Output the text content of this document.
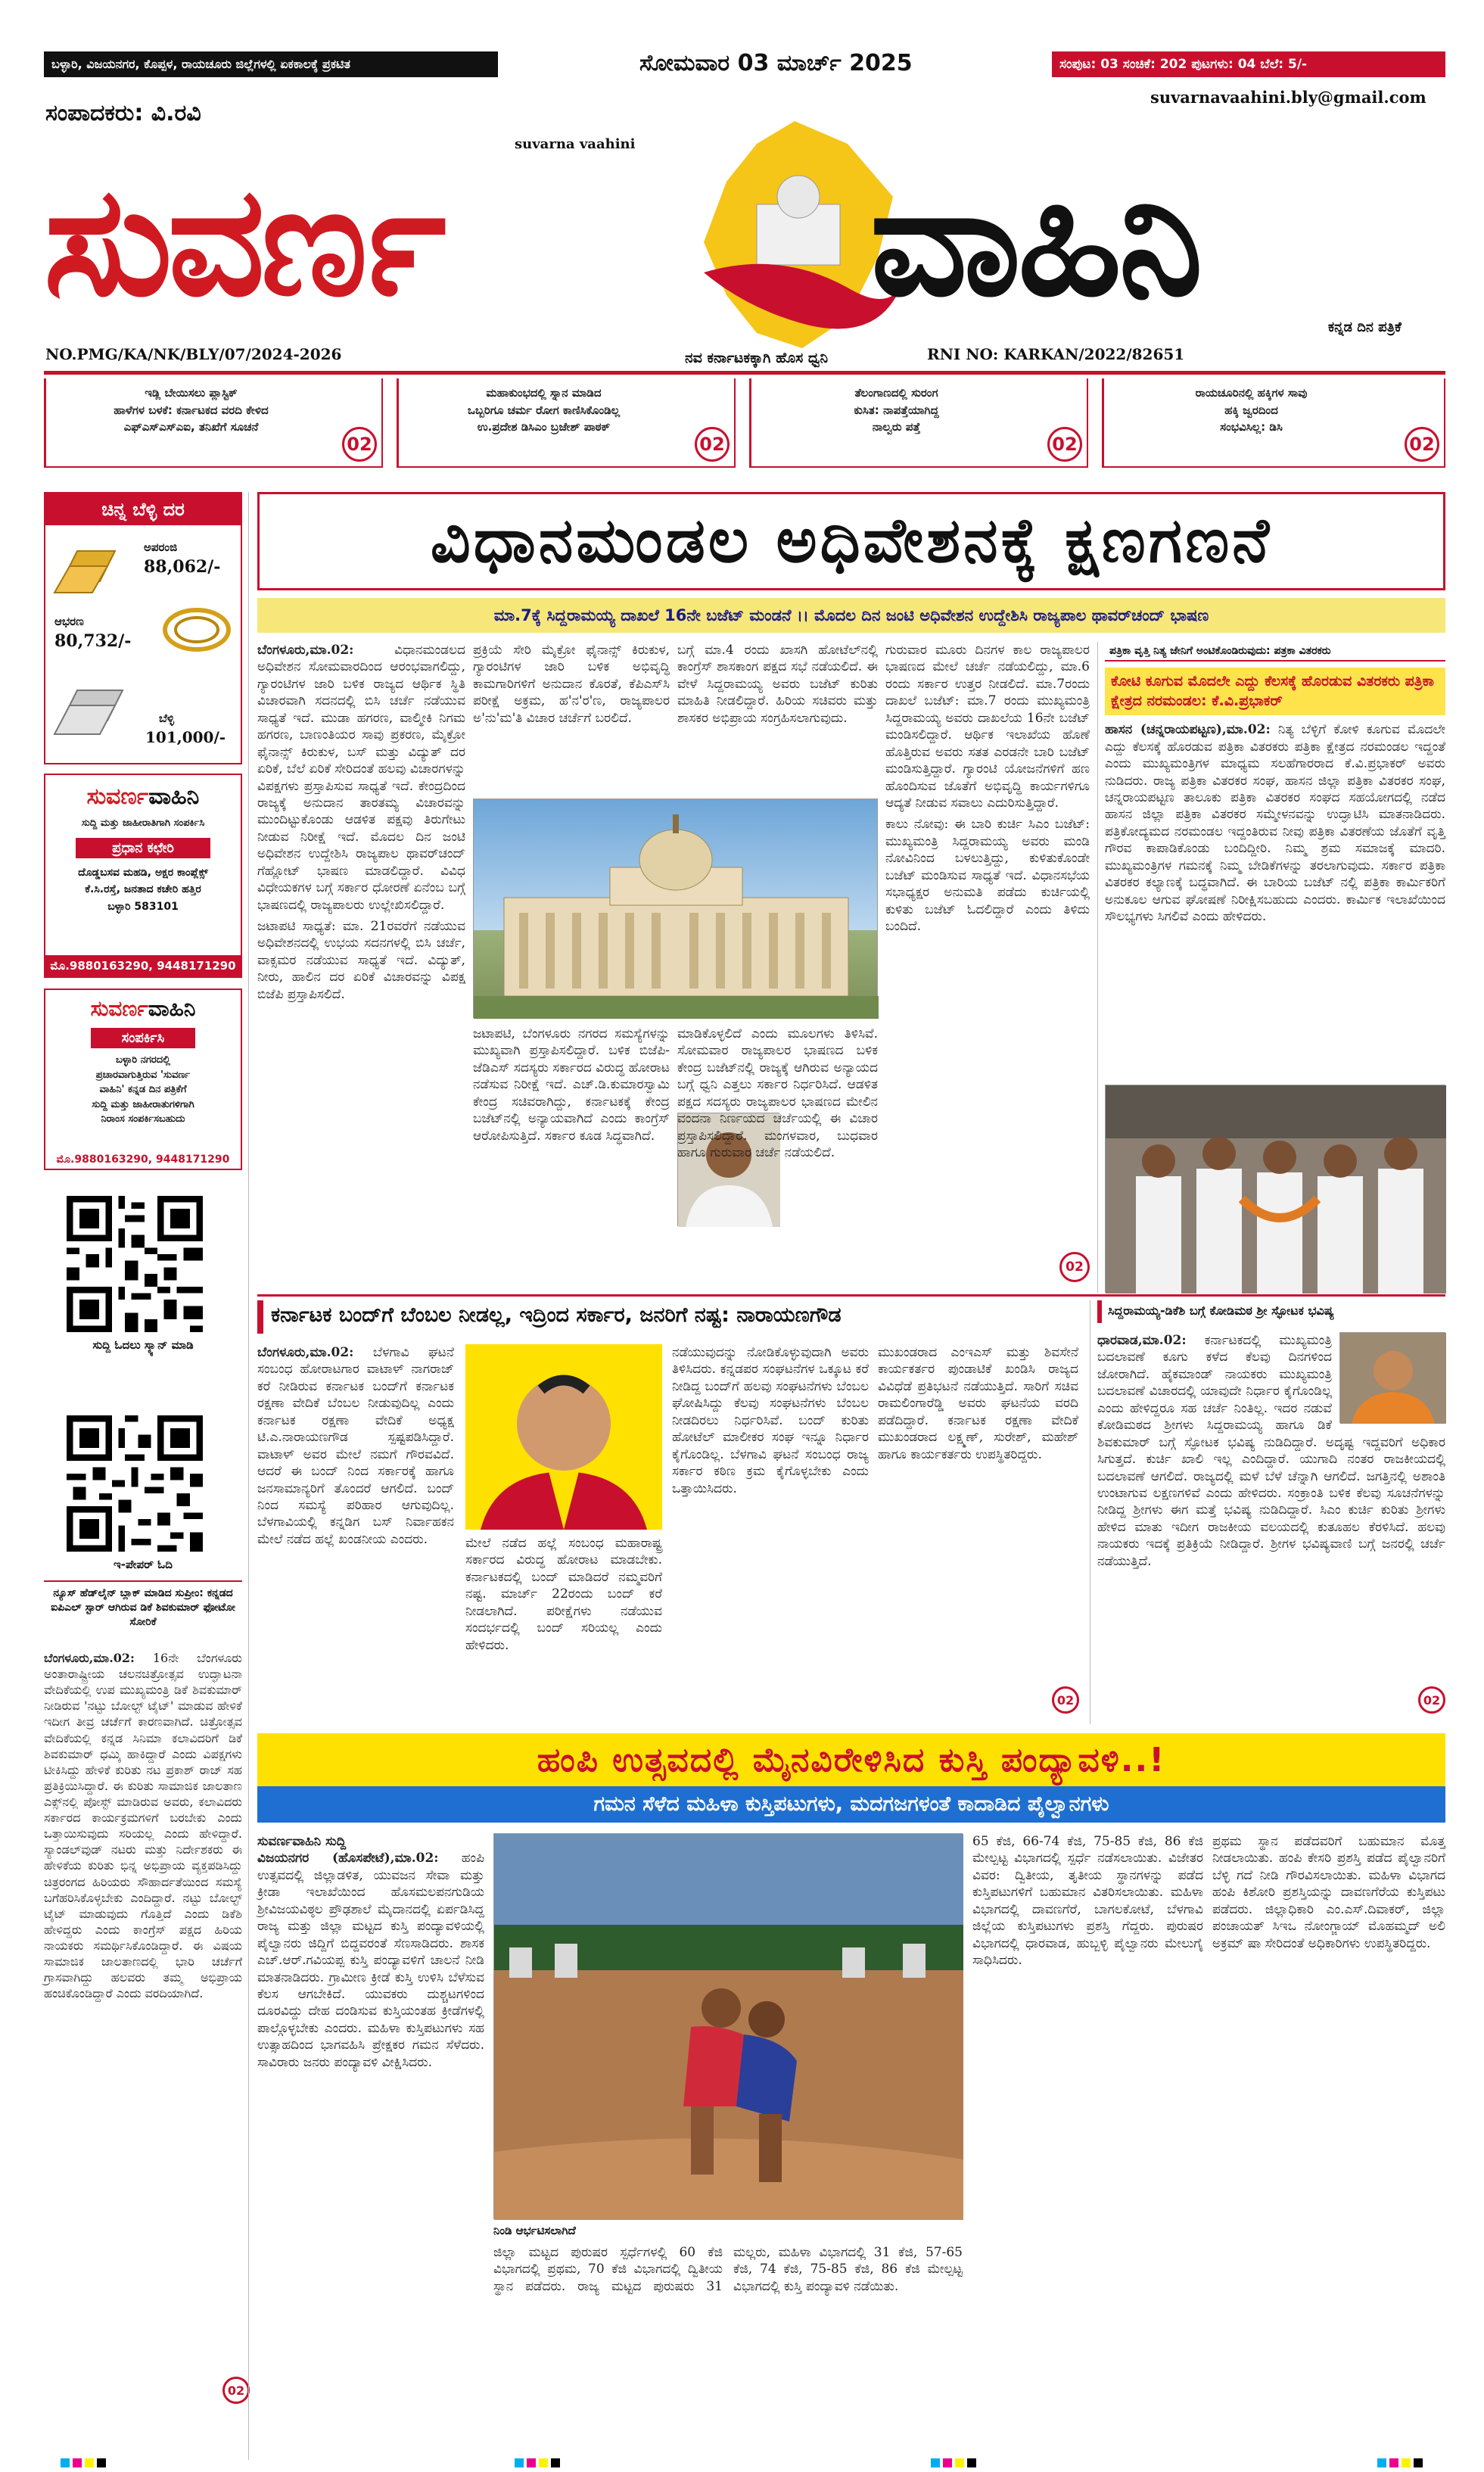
ಬಳ್ಳಾರಿ, ವಿಜಯನಗರ, ಕೊಪ್ಪಳ, ರಾಯಚೂರು ಜಿಲ್ಲೆಗಳಲ್ಲಿ ಏಕಕಾಲಕ್ಕೆ ಪ್ರಕಟಿತ	ಸೋಮವಾರ 03 ಮಾರ್ಚ್ 2025	ಸಂಪುಟ: 03 ಸಂಚಿಕೆ: 202 ಪುಟಗಳು: 04 ಬೆಲೆ: 5/-
ಸಂಪಾದಕರು: ವಿ.ರವಿ
suvarnavaahini.bly@gmail.com
suvarna vaahini
ಸುವರ್ಣ	ವಾಹಿನಿ	ಕನ್ನಡ ದಿನ ಪತ್ರಿಕೆ
NO.PMG/KA/NK/BLY/07/2024-2026	ನವ ಕರ್ನಾಟಕಕ್ಕಾಗಿ ಹೊಸ ಧ್ವನಿ	RNI NO: KARKAN/2022/82651
ಇಡ್ಲಿ ಬೇಯಿಸಲು ಪ್ಲಾಸ್ಟಿಕ್
ಹಾಳೆಗಳ ಬಳಕೆ: ಕರ್ನಾಟಕದ ವರದಿ ಕೇಳಿದ
ಎಫ್‌ಎಸ್‌ಎಸ್‌ಎಐ, ತನಿಖೆಗೆ ಸೂಚನೆ
02
ಮಹಾಕುಂಭದಲ್ಲಿ ಸ್ನಾನ ಮಾಡಿದ
ಒಬ್ಬರಿಗೂ ಚರ್ಮ ರೋಗ ಕಾಣಿಸಿಕೊಂಡಿಲ್ಲ
ಉ.ಪ್ರದೇಶ ಡಿಸಿಎಂ ಬ್ರಜೇಶ್ ಪಾಠಕ್
02
ತೆಲಂಗಾಣದಲ್ಲಿ ಸುರಂಗ
ಕುಸಿತ: ನಾಪತ್ತೆಯಾಗಿದ್ದ
ನಾಲ್ವರು ಪತ್ತೆ
02
ರಾಯಚೂರಿನಲ್ಲಿ ಹಕ್ಕಿಗಳ ಸಾವು
ಹಕ್ಕಿ ಜ್ವರದಿಂದ
ಸಂಭವಿಸಿಲ್ಲ: ಡಿಸಿ
02
ಚಿನ್ನ ಬೆಳ್ಳಿ ದರ
ಅಪರಂಜಿ
88,062/-
ಆಭರಣ
80,732/-
ಬೆಳ್ಳಿ
101,000/-
ಸುವರ್ಣ ವಾಹಿನಿ
ಸುದ್ದಿ ಮತ್ತು ಜಾಹೀರಾತಿಗಾಗಿ ಸಂಪರ್ಕಿಸಿ
ಪ್ರಧಾನ ಕಛೇರಿ
ದೊಡ್ಡಬಸವ ಮಹಡಿ, ಅಕ್ಷರ ಕಾಂಪ್ಲೆಕ್ಸ್
ಕೆ.ಸಿ.ರಸ್ತೆ, ಜನತಾದ ಕಚೇರಿ ಹತ್ತಿರ
ಬಳ್ಳಾರಿ 583101
ಮೊ.9880163290, 9448171290
ಸುವರ್ಣ ವಾಹಿನಿ
ಸಂಪರ್ಕಿಸಿ
ಬಳ್ಳಾರಿ ನಗರದಲ್ಲಿ
ಪ್ರಚಾರವಾಗುತ್ತಿರುವ 'ಸುವರ್ಣ
ವಾಹಿನಿ' ಕನ್ನಡ ದಿನ ಪತ್ರಿಕೆಗೆ
ಸುದ್ದಿ ಮತ್ತು ಜಾಹೀರಾತುಗಳಿಗಾಗಿ
ನಿರಾಂಸ ಸಂಪರ್ಕಿಸಬಹುದು
ಮೊ.9880163290, 9448171290
ಸುದ್ದಿ ಓದಲು ಸ್ಕ್ಯಾನ್ ಮಾಡಿ
ಇ-ಪೇಪರ್ ಓದಿ
ನ್ಯೂಸ್ ಹೆಡ್‌ಲೈನ್ ಬ್ಲಾಕ್ ಮಾಡಿದ ಸುಪ್ರೀಂ: ಕನ್ನಡದ ಐಪಿಎಲ್ ಸ್ಟಾರ್ ಆಗಿರುವ ಡಿಕೆ ಶಿವಕುಮಾರ್ ಫೋಟೋ ಸೋರಿಕೆ
ಬೆಂಗಳೂರು,ಮಾ.02: 16ನೇ ಬೆಂಗಳೂರು ಅಂತಾರಾಷ್ಟ್ರೀಯ ಚಲನಚಿತ್ರೋತ್ಸವ ಉದ್ಘಾಟನಾ ವೇದಿಕೆಯಲ್ಲಿ ಉಪ ಮುಖ್ಯಮಂತ್ರಿ ಡಿಕೆ ಶಿವಕುಮಾರ್ ನೀಡಿರುವ 'ನಟ್ಟು ಬೋಲ್ಟ್ ಟೈಟ್' ಮಾಡುವ ಹೇಳಿಕೆ ಇದೀಗ ತೀವ್ರ ಚರ್ಚೆಗೆ ಕಾರಣವಾಗಿದೆ. ಚಿತ್ರೋತ್ಸವ ವೇದಿಕೆಯಲ್ಲಿ ಕನ್ನಡ ಸಿನಿಮಾ ಕಲಾವಿದರಿಗೆ ಡಿಕೆ ಶಿವಕುಮಾರ್ ಧಮ್ಕಿ ಹಾಕಿದ್ದಾರೆ ಎಂದು ವಿಪಕ್ಷಗಳು ಟೀಕಿಸಿದ್ದು ಹೇಳಿಕೆ ಕುರಿತು ನಟ ಪ್ರಕಾಶ್ ರಾಜ್ ಸಹ ಪ್ರತಿಕ್ರಿಯಿಸಿದ್ದಾರೆ. ಈ ಕುರಿತು ಸಾಮಾಜಿಕ ಜಾಲತಾಣ ಎಕ್ಸ್‌ನಲ್ಲಿ ಪೋಸ್ಟ್ ಮಾಡಿರುವ ಅವರು, ಕಲಾವಿದರು ಸರ್ಕಾರದ ಕಾರ್ಯಕ್ರಮಗಳಿಗೆ ಬರಬೇಕು ಎಂದು ಒತ್ತಾಯಿಸುವುದು ಸರಿಯಲ್ಲ ಎಂದು ಹೇಳಿದ್ದಾರೆ. ಸ್ಯಾಂಡಲ್‌ವುಡ್ ನಟರು ಮತ್ತು ನಿರ್ದೇಶಕರು ಈ ಹೇಳಿಕೆಯ ಕುರಿತು ಭಿನ್ನ ಅಭಿಪ್ರಾಯ ವ್ಯಕ್ತಪಡಿಸಿದ್ದು ಚಿತ್ರರಂಗದ ಹಿರಿಯರು ಸೌಹಾರ್ದತೆಯಿಂದ ಸಮಸ್ಯೆ ಬಗೆಹರಿಸಿಕೊಳ್ಳಬೇಕು ಎಂದಿದ್ದಾರೆ. ನಟ್ಟು ಬೋಲ್ಟ್ ಟೈಟ್ ಮಾಡುವುದು ಗೊತ್ತಿದೆ ಎಂದು ಡಿಕೆಶಿ ಹೇಳಿದ್ದರು ಎಂದು ಕಾಂಗ್ರೆಸ್ ಪಕ್ಷದ ಹಿರಿಯ ನಾಯಕರು ಸಮರ್ಥಿಸಿಕೊಂಡಿದ್ದಾರೆ. ಈ ವಿಷಯ ಸಾಮಾಜಿಕ ಜಾಲತಾಣದಲ್ಲಿ ಭಾರಿ ಚರ್ಚೆಗೆ ಗ್ರಾಸವಾಗಿದ್ದು ಹಲವರು ತಮ್ಮ ಅಭಿಪ್ರಾಯ ಹಂಚಿಕೊಂಡಿದ್ದಾರೆ ಎಂದು ವರದಿಯಾಗಿದೆ.
02
ವಿಧಾನಮಂಡಲ ಅಧಿವೇಶನಕ್ಕೆ ಕ್ಷಣಗಣನೆ
ಮಾ.7ಕ್ಕೆ ಸಿದ್ದರಾಮಯ್ಯ ದಾಖಲೆ 16ನೇ ಬಜೆಟ್ ಮಂಡನೆ ।। ಮೊದಲ ದಿನ ಜಂಟಿ ಅಧಿವೇಶನ ಉದ್ದೇಶಿಸಿ ರಾಜ್ಯಪಾಲ ಥಾವರ್‌ಚಂದ್ ಭಾಷಣ
ಬೆಂಗಳೂರು,ಮಾ.02:	ವಿಧಾನಮಂಡಲದ ಅಧಿವೇಶನ ಸೋಮವಾರದಿಂದ ಆರಂಭವಾಗಲಿದ್ದು, ಗ್ಯಾರಂಟಿಗಳ ಜಾರಿ ಬಳಿಕ ರಾಜ್ಯದ ಆರ್ಥಿಕ ಸ್ಥಿತಿ ವಿಚಾರವಾಗಿ ಸದನದಲ್ಲಿ ಬಿಸಿ ಚರ್ಚೆ ನಡೆಯುವ ಸಾಧ್ಯತೆ ಇದೆ. ಮುಡಾ ಹಗರಣ, ವಾಲ್ಮೀಕಿ ನಿಗಮ ಹಗರಣ, ಬಾಣಂತಿಯರ ಸಾವು ಪ್ರಕರಣ, ಮೈಕ್ರೋ ಫೈನಾನ್ಸ್ ಕಿರುಕುಳ, ಬಸ್ ಮತ್ತು ವಿದ್ಯುತ್ ದರ ಏರಿಕೆ, ಬೆಲೆ ಏರಿಕೆ ಸೇರಿದಂತೆ ಹಲವು ವಿಚಾರಗಳನ್ನು ವಿಪಕ್ಷಗಳು ಪ್ರಸ್ತಾಪಿಸುವ ಸಾಧ್ಯತೆ ಇದೆ. ಕೇಂದ್ರದಿಂದ ರಾಜ್ಯಕ್ಕೆ ಅನುದಾನ ತಾರತಮ್ಯ ವಿಚಾರವನ್ನು ಮುಂದಿಟ್ಟುಕೊಂಡು ಆಡಳಿತ ಪಕ್ಷವು ತಿರುಗೇಟು ನೀಡುವ ನಿರೀಕ್ಷೆ ಇದೆ. ಮೊದಲ ದಿನ ಜಂಟಿ ಅಧಿವೇಶನ ಉದ್ದೇಶಿಸಿ ರಾಜ್ಯಪಾಲ ಥಾವರ್‌ಚಂದ್ ಗೆಹ್ಲೋಟ್ ಭಾಷಣ ಮಾಡಲಿದ್ದಾರೆ. ವಿವಿಧ ವಿಧೇಯಕಗಳ ಬಗ್ಗೆ ಸರ್ಕಾರ ಧೋರಣೆ ಏನೆಂಬ ಬಗ್ಗೆ ಭಾಷಣದಲ್ಲಿ ರಾಜ್ಯಪಾಲರು ಉಲ್ಲೇಖಿಸಲಿದ್ದಾರೆ.
ಜಟಾಪಟಿ ಸಾಧ್ಯತೆ: ಮಾ. 21ರವರೆಗೆ ನಡೆಯುವ ಅಧಿವೇಶನದಲ್ಲಿ ಉಭಯ ಸದನಗಳಲ್ಲಿ ಬಿಸಿ ಚರ್ಚೆ, ವಾಕ್ಸಮರ ನಡೆಯುವ ಸಾಧ್ಯತೆ ಇದೆ. ವಿದ್ಯುತ್, ನೀರು, ಹಾಲಿನ ದರ ಏರಿಕೆ ವಿಚಾರವನ್ನು ವಿಪಕ್ಷ ಬಿಜೆಪಿ ಪ್ರಸ್ತಾಪಿಸಲಿದೆ.
ಪ್ರಕ್ರಿಯೆ ಸೇರಿ ಮೈಕ್ರೋ ಫೈನಾನ್ಸ್ ಕಿರುಕುಳ, ಗ್ಯಾರಂಟಿಗಳ ಜಾರಿ ಬಳಿಕ ಅಭಿವೃದ್ಧಿ ಕಾಮಗಾರಿಗಳಿಗೆ ಅನುದಾನ ಕೊರತೆ, ಕೆಪಿಎಸ್‌ಸಿ ಪರೀಕ್ಷೆ ಅಕ್ರಮ, ಹ'ನ'ರ'ಣ, ರಾಜ್ಯಪಾಲರ ಅ'ನು'ಮ'ತಿ ವಿಚಾರ ಚರ್ಚೆಗೆ ಬರಲಿದೆ.
ಬಗ್ಗೆ ಮಾ.4 ರಂದು ಖಾಸಗಿ ಹೋಟೆಲ್‌ನಲ್ಲಿ ಕಾಂಗ್ರೆಸ್ ಶಾಸಕಾಂಗ ಪಕ್ಷದ ಸಭೆ ನಡೆಯಲಿದೆ. ಈ ವೇಳೆ ಸಿದ್ದರಾಮಯ್ಯ ಅವರು ಬಜೆಟ್ ಕುರಿತು ಮಾಹಿತಿ ನೀಡಲಿದ್ದಾರೆ. ಹಿರಿಯ ಸಚಿವರು ಮತ್ತು ಶಾಸಕರ ಅಭಿಪ್ರಾಯ ಸಂಗ್ರಹಿಸಲಾಗುವುದು.
ಜಟಾಪಟಿ, ಬೆಂಗಳೂರು ನಗರದ ಸಮಸ್ಯೆಗಳನ್ನು ಮುಖ್ಯವಾಗಿ ಪ್ರಸ್ತಾಪಿಸಲಿದ್ದಾರೆ. ಬಳಿಕ ಬಿಜೆಪಿ-ಜೆಡಿಎಸ್ ಸದಸ್ಯರು ಸರ್ಕಾರದ ವಿರುದ್ಧ ಹೋರಾಟ ನಡೆಸುವ ನಿರೀಕ್ಷೆ ಇದೆ. ಎಚ್.ಡಿ.ಕುಮಾರಸ್ವಾಮಿ ಕೇಂದ್ರ ಸಚಿವರಾಗಿದ್ದು, ಕರ್ನಾಟಕಕ್ಕೆ ಕೇಂದ್ರ ಬಜೆಟ್‌ನಲ್ಲಿ ಅನ್ಯಾಯವಾಗಿದೆ ಎಂದು ಕಾಂಗ್ರೆಸ್ ಆರೋಪಿಸುತ್ತಿದೆ. ಸರ್ಕಾರ ಕೂಡ ಸಿದ್ಧವಾಗಿದೆ.
ಮಾಡಿಕೊಳ್ಳಲಿದೆ ಎಂದು ಮೂಲಗಳು ತಿಳಿಸಿವೆ. ಸೋಮವಾರ ರಾಜ್ಯಪಾಲರ ಭಾಷಣದ ಬಳಿಕ ಕೇಂದ್ರ ಬಜೆಟ್‌ನಲ್ಲಿ ರಾಜ್ಯಕ್ಕೆ ಆಗಿರುವ ಅನ್ಯಾಯದ ಬಗ್ಗೆ ಧ್ವನಿ ಎತ್ತಲು ಸರ್ಕಾರ ನಿರ್ಧರಿಸಿದೆ. ಆಡಳಿತ ಪಕ್ಷದ ಸದಸ್ಯರು ರಾಜ್ಯಪಾಲರ ಭಾಷಣದ ಮೇಲಿನ ವಂದನಾ ನಿರ್ಣಯದ ಚರ್ಚೆಯಲ್ಲಿ ಈ ವಿಚಾರ ಪ್ರಸ್ತಾಪಿಸಲಿದ್ದಾರೆ. ಮಂಗಳವಾರ, ಬುಧವಾರ ಹಾಗೂ ಗುರುವಾರ ಚರ್ಚೆ ನಡೆಯಲಿದೆ.
ಗುರುವಾರ ಮೂರು ದಿನಗಳ ಕಾಲ ರಾಜ್ಯಪಾಲರ ಭಾಷಣದ ಮೇಲೆ ಚರ್ಚೆ ನಡೆಯಲಿದ್ದು, ಮಾ.6 ರಂದು ಸರ್ಕಾರ ಉತ್ತರ ನೀಡಲಿದೆ. ಮಾ.7ರಂದು ದಾಖಲೆ ಬಜೆಟ್: ಮಾ.7 ರಂದು ಮುಖ್ಯಮಂತ್ರಿ ಸಿದ್ದರಾಮಯ್ಯ ಅವರು ದಾಖಲೆಯ 16ನೇ ಬಜೆಟ್ ಮಂಡಿಸಲಿದ್ದಾರೆ. ಆರ್ಥಿಕ ಇಲಾಖೆಯ ಹೊಣೆ ಹೊತ್ತಿರುವ ಅವರು ಸತತ ಎರಡನೇ ಬಾರಿ ಬಜೆಟ್ ಮಂಡಿಸುತ್ತಿದ್ದಾರೆ. ಗ್ಯಾರಂಟಿ ಯೋಜನೆಗಳಿಗೆ ಹಣ ಹೊಂದಿಸುವ ಜೊತೆಗೆ ಅಭಿವೃದ್ಧಿ ಕಾರ್ಯಗಳಿಗೂ ಆದ್ಯತೆ ನೀಡುವ ಸವಾಲು ಎದುರಿಸುತ್ತಿದ್ದಾರೆ.
ಕಾಲು ನೋವು: ಈ ಬಾರಿ ಕುರ್ಚಿ ಸಿಎಂ ಬಜೆಟ್: ಮುಖ್ಯಮಂತ್ರಿ ಸಿದ್ದರಾಮಯ್ಯ ಅವರು ಮಂಡಿ ನೋವಿನಿಂದ ಬಳಲುತ್ತಿದ್ದು, ಕುಳಿತುಕೊಂಡೇ ಬಜೆಟ್ ಮಂಡಿಸುವ ಸಾಧ್ಯತೆ ಇದೆ. ವಿಧಾನಸಭೆಯ ಸಭಾಧ್ಯಕ್ಷರ ಅನುಮತಿ ಪಡೆದು ಕುರ್ಚಿಯಲ್ಲಿ ಕುಳಿತು ಬಜೆಟ್ ಓದಲಿದ್ದಾರೆ ಎಂದು ತಿಳಿದು ಬಂದಿದೆ.
02
ಪತ್ರಿಕಾ ವೃತ್ತಿ ನಿತ್ಯ ಜೇನಿಗೆ ಅಂಟಿಕೊಂಡಿರುವುದು: ಪತ್ರಕಾ ವಿತರಕರು
ಕೋಟಿ ಕೂಗುವ ಮೊದಲೇ ಎದ್ದು ಕೆಲಸಕ್ಕೆ ಹೊರಡುವ ವಿತರಕರು ಪತ್ರಿಕಾ ಕ್ಷೇತ್ರದ ನರಮಂಡಲ: ಕೆ.ವಿ.ಪ್ರಭಾಕರ್
ಹಾಸನ (ಚನ್ನರಾಯಪಟ್ಟಣ),ಮಾ.02: ನಿತ್ಯ ಬೆಳ್ಳಿಗೆ ಕೋಳಿ ಕೂಗುವ ಮೊದಲೇ ಎದ್ದು ಕೆಲಸಕ್ಕೆ ಹೊರಡುವ ಪತ್ರಿಕಾ ವಿತರಕರು ಪತ್ರಿಕಾ ಕ್ಷೇತ್ರದ ನರಮಂಡಲ ಇದ್ದಂತೆ ಎಂದು ಮುಖ್ಯಮಂತ್ರಿಗಳ ಮಾಧ್ಯಮ ಸಲಹೆಗಾರರಾದ ಕೆ.ವಿ.ಪ್ರಭಾಕರ್ ಅವರು ನುಡಿದರು. ರಾಜ್ಯ ಪತ್ರಿಕಾ ವಿತರಕರ ಸಂಘ, ಹಾಸನ ಜಿಲ್ಲಾ ಪತ್ರಿಕಾ ವಿತರಕರ ಸಂಘ, ಚನ್ನರಾಯಪಟ್ಟಣ ತಾಲೂಕು ಪತ್ರಿಕಾ ವಿತರಕರ ಸಂಘದ ಸಹಯೋಗದಲ್ಲಿ ನಡೆದ ಹಾಸನ ಜಿಲ್ಲಾ ಪತ್ರಿಕಾ ವಿತರಕರ ಸಮ್ಮೇಳನವನ್ನು ಉದ್ಘಾಟಿಸಿ ಮಾತನಾಡಿದರು. ಪತ್ರಿಕೋದ್ಯಮದ ನರಮಂಡಲ ಇದ್ದಂತಿರುವ ನೀವು ಪತ್ರಿಕಾ ವಿತರಣೆಯ ಜೊತೆಗೆ ವೃತ್ತಿ ಗೌರವ ಕಾಪಾಡಿಕೊಂಡು ಬಂದಿದ್ದೀರಿ. ನಿಮ್ಮ ಶ್ರಮ ಸಮಾಜಕ್ಕೆ ಮಾದರಿ. ಮುಖ್ಯಮಂತ್ರಿಗಳ ಗಮನಕ್ಕೆ ನಿಮ್ಮ ಬೇಡಿಕೆಗಳನ್ನು ತರಲಾಗುವುದು. ಸರ್ಕಾರ ಪತ್ರಿಕಾ ವಿತರಕರ ಕಲ್ಯಾಣಕ್ಕೆ ಬದ್ಧವಾಗಿದೆ. ಈ ಬಾರಿಯ ಬಜೆಟ್ ನಲ್ಲಿ ಪತ್ರಿಕಾ ಕಾರ್ಮಿಕರಿಗೆ ಅನುಕೂಲ ಆಗುವ ಘೋಷಣೆ ನಿರೀಕ್ಷಿಸಬಹುದು ಎಂದರು. ಕಾರ್ಮಿಕ ಇಲಾಖೆಯಿಂದ ಸೌಲಭ್ಯಗಳು ಸಿಗಲಿವೆ ಎಂದು ಹೇಳಿದರು.
ಕರ್ನಾಟಕ ಬಂದ್‌ಗೆ ಬೆಂಬಲ ನೀಡಲ್ಲ, ಇದ್ರಿಂದ ಸರ್ಕಾರ, ಜನರಿಗೆ ನಷ್ಟ: ನಾರಾಯಣಗೌಡ
ಬೆಂಗಳೂರು,ಮಾ.02: ಬೆಳಗಾವಿ ಘಟನೆ ಸಂಬಂಧ ಹೋರಾಟಗಾರ ವಾಟಾಳ್ ನಾಗರಾಜ್ ಕರೆ ನೀಡಿರುವ ಕರ್ನಾಟಕ ಬಂದ್‌ಗೆ ಕರ್ನಾಟಕ ರಕ್ಷಣಾ ವೇದಿಕೆ ಬೆಂಬಲ ನೀಡುವುದಿಲ್ಲ ಎಂದು ಕರ್ನಾಟಕ ರಕ್ಷಣಾ ವೇದಿಕೆ ಅಧ್ಯಕ್ಷ ಟಿ.ಎ.ನಾರಾಯಣಗೌಡ ಸ್ಪಷ್ಟಪಡಿಸಿದ್ದಾರೆ. ವಾಟಾಳ್ ಅವರ ಮೇಲೆ ನಮಗೆ ಗೌರವವಿದೆ. ಆದರೆ ಈ ಬಂದ್ ನಿಂದ ಸರ್ಕಾರಕ್ಕೆ ಹಾಗೂ ಜನಸಾಮಾನ್ಯರಿಗೆ ತೊಂದರೆ ಆಗಲಿದೆ. ಬಂದ್ ನಿಂದ ಸಮಸ್ಯೆ ಪರಿಹಾರ ಆಗುವುದಿಲ್ಲ. ಬೆಳಗಾವಿಯಲ್ಲಿ ಕನ್ನಡಿಗ ಬಸ್ ನಿರ್ವಾಹಕನ ಮೇಲೆ ನಡೆದ ಹಲ್ಲೆ ಖಂಡನೀಯ ಎಂದರು.	ಮೇಲೆ ನಡೆದ ಹಲ್ಲೆ ಸಂಬಂಧ ಮಹಾರಾಷ್ಟ್ರ ಸರ್ಕಾರದ ವಿರುದ್ಧ ಹೋರಾಟ ಮಾಡಬೇಕು. ಕರ್ನಾಟಕದಲ್ಲಿ ಬಂದ್ ಮಾಡಿದರೆ ನಮ್ಮವರಿಗೆ ನಷ್ಟ. ಮಾರ್ಚ್ 22ರಂದು ಬಂದ್ ಕರೆ ನೀಡಲಾಗಿದೆ. ಪರೀಕ್ಷೆಗಳು ನಡೆಯುವ ಸಂದರ್ಭದಲ್ಲಿ ಬಂದ್ ಸರಿಯಲ್ಲ ಎಂದು ಹೇಳಿದರು.
ನಡೆಯುವುದನ್ನು ನೋಡಿಕೊಳ್ಳುವುದಾಗಿ ಅವರು ತಿಳಿಸಿದರು. ಕನ್ನಡಪರ ಸಂಘಟನೆಗಳ ಒಕ್ಕೂಟ ಕರೆ ನೀಡಿದ್ದ ಬಂದ್‌ಗೆ ಹಲವು ಸಂಘಟನೆಗಳು ಬೆಂಬಲ ಘೋಷಿಸಿದ್ದು ಕೆಲವು ಸಂಘಟನೆಗಳು ಬೆಂಬಲ ನೀಡದಿರಲು ನಿರ್ಧರಿಸಿವೆ. ಬಂದ್ ಕುರಿತು ಹೋಟೆಲ್ ಮಾಲೀಕರ ಸಂಘ ಇನ್ನೂ ನಿರ್ಧಾರ ಕೈಗೊಂಡಿಲ್ಲ. ಬೆಳಗಾವಿ ಘಟನೆ ಸಂಬಂಧ ರಾಜ್ಯ ಸರ್ಕಾರ ಕಠಿಣ ಕ್ರಮ ಕೈಗೊಳ್ಳಬೇಕು ಎಂದು ಒತ್ತಾಯಿಸಿದರು.
ಮುಖಂಡರಾದ ಎಂಇಎಸ್ ಮತ್ತು ಶಿವಸೇನೆ ಕಾರ್ಯಕರ್ತರ ಪುಂಡಾಟಿಕೆ ಖಂಡಿಸಿ ರಾಜ್ಯದ ವಿವಿಧೆಡೆ ಪ್ರತಿಭಟನೆ ನಡೆಯುತ್ತಿದೆ. ಸಾರಿಗೆ ಸಚಿವ ರಾಮಲಿಂಗಾರೆಡ್ಡಿ ಅವರು ಘಟನೆಯ ವರದಿ ಪಡೆದಿದ್ದಾರೆ. ಕರ್ನಾಟಕ ರಕ್ಷಣಾ ವೇದಿಕೆ ಮುಖಂಡರಾದ ಲಕ್ಷ್ಮಣ್, ಸುರೇಶ್, ಮಹೇಶ್ ಹಾಗೂ ಕಾರ್ಯಕರ್ತರು ಉಪಸ್ಥಿತರಿದ್ದರು.
02
ಸಿದ್ದರಾಮಯ್ಯ-ಡಿಕೆಶಿ ಬಗ್ಗೆ ಕೋಡಿಮಠ ಶ್ರೀ ಸ್ಫೋಟಕ ಭವಿಷ್ಯ
ಧಾರವಾಡ,ಮಾ.02: ಕರ್ನಾಟಕದಲ್ಲಿ ಮುಖ್ಯಮಂತ್ರಿ ಬದಲಾವಣೆ ಕೂಗು ಕಳೆದ ಕೆಲವು ದಿನಗಳಿಂದ ಜೋರಾಗಿದೆ. ಹೈಕಮಾಂಡ್ ನಾಯಕರು ಮುಖ್ಯಮಂತ್ರಿ ಬದಲಾವಣೆ ವಿಚಾರದಲ್ಲಿ ಯಾವುದೇ ನಿರ್ಧಾರ ಕೈಗೊಂಡಿಲ್ಲ ಎಂದು ಹೇಳಿದ್ದರೂ ಸಹ ಚರ್ಚೆ ನಿಂತಿಲ್ಲ. ಇದರ ನಡುವೆ ಕೋಡಿಮಠದ ಶ್ರೀಗಳು ಸಿದ್ದರಾಮಯ್ಯ ಹಾಗೂ ಡಿಕೆ ಶಿವಕುಮಾರ್ ಬಗ್ಗೆ ಸ್ಫೋಟಕ ಭವಿಷ್ಯ ನುಡಿದಿದ್ದಾರೆ. ಅದೃಷ್ಟ ಇದ್ದವರಿಗೆ ಅಧಿಕಾರ ಸಿಗುತ್ತದೆ. ಕುರ್ಚಿ ಖಾಲಿ ಇಲ್ಲ ಎಂದಿದ್ದಾರೆ. ಯುಗಾದಿ ನಂತರ ರಾಜಕೀಯದಲ್ಲಿ ಬದಲಾವಣೆ ಆಗಲಿದೆ. ರಾಜ್ಯದಲ್ಲಿ ಮಳೆ ಬೆಳೆ ಚೆನ್ನಾಗಿ ಆಗಲಿದೆ. ಜಗತ್ತಿನಲ್ಲಿ ಅಶಾಂತಿ ಉಂಟಾಗುವ ಲಕ್ಷಣಗಳಿವೆ ಎಂದು ಹೇಳಿದರು. ಸಂಕ್ರಾಂತಿ ಬಳಿಕ ಕೆಲವು ಸೂಚನೆಗಳನ್ನು ನೀಡಿದ್ದ ಶ್ರೀಗಳು ಈಗ ಮತ್ತೆ ಭವಿಷ್ಯ ನುಡಿದಿದ್ದಾರೆ. ಸಿಎಂ ಕುರ್ಚಿ ಕುರಿತು ಶ್ರೀಗಳು ಹೇಳಿದ ಮಾತು ಇದೀಗ ರಾಜಕೀಯ ವಲಯದಲ್ಲಿ ಕುತೂಹಲ ಕೆರಳಿಸಿದೆ. ಹಲವು ನಾಯಕರು ಇದಕ್ಕೆ ಪ್ರತಿಕ್ರಿಯೆ ನೀಡಿದ್ದಾರೆ. ಶ್ರೀಗಳ ಭವಿಷ್ಯವಾಣಿ ಬಗ್ಗೆ ಜನರಲ್ಲಿ ಚರ್ಚೆ ನಡೆಯುತ್ತಿದೆ.
02
ಹಂಪಿ ಉತ್ಸವದಲ್ಲಿ ಮೈನವಿರೇಳಿಸಿದ ಕುಸ್ತಿ ಪಂದ್ಯಾವಳಿ..!
ಗಮನ ಸೆಳೆದ ಮಹಿಳಾ ಕುಸ್ತಿಪಟುಗಳು, ಮದಗಜಗಳಂತೆ ಕಾದಾಡಿದ ಪೈಲ್ವಾನಗಳು
ಸುವರ್ಣವಾಹಿನಿ ಸುದ್ದಿ
ವಿಜಯನಗರ (ಹೊಸಪೇಟೆ),ಮಾ.02: ಹಂಪಿ ಉತ್ಸವದಲ್ಲಿ ಜಿಲ್ಲಾಡಳಿತ, ಯುವಜನ ಸೇವಾ ಮತ್ತು ಕ್ರೀಡಾ ಇಲಾಖೆಯಿಂದ ಹೊಸಮಲಪನಗುಡಿಯ ಶ್ರೀವಿಜಯವಿಠ್ಠಲ ಪ್ರೌಢಶಾಲೆ ಮೈದಾನದಲ್ಲಿ ಏರ್ಪಡಿಸಿದ್ದ ರಾಜ್ಯ ಮತ್ತು ಜಿಲ್ಲಾ ಮಟ್ಟದ ಕುಸ್ತಿ ಪಂದ್ಯಾವಳಿಯಲ್ಲಿ ಪೈಲ್ವಾನರು ಜಿದ್ದಿಗೆ ಬಿದ್ದವರಂತೆ ಸೆಣಸಾಡಿದರು. ಶಾಸಕ ಎಚ್.ಆರ್.ಗವಿಯಪ್ಪ ಕುಸ್ತಿ ಪಂದ್ಯಾವಳಿಗೆ ಚಾಲನೆ ನೀಡಿ ಮಾತನಾಡಿದರು. ಗ್ರಾಮೀಣ ಕ್ರೀಡೆ ಕುಸ್ತಿ ಉಳಿಸಿ ಬೆಳೆಸುವ ಕೆಲಸ ಆಗಬೇಕಿದೆ. ಯುವಕರು ದುಶ್ಚಟಗಳಿಂದ ದೂರವಿದ್ದು ದೇಹ ದಂಡಿಸುವ ಕುಸ್ತಿಯಂತಹ ಕ್ರೀಡೆಗಳಲ್ಲಿ ಪಾಲ್ಗೊಳ್ಳಬೇಕು ಎಂದರು. ಮಹಿಳಾ ಕುಸ್ತಿಪಟುಗಳು ಸಹ ಉತ್ಸಾಹದಿಂದ ಭಾಗವಹಿಸಿ ಪ್ರೇಕ್ಷಕರ ಗಮನ ಸೆಳೆದರು. ಸಾವಿರಾರು ಜನರು ಪಂದ್ಯಾವಳಿ ವೀಕ್ಷಿಸಿದರು.
ನಿಂಡಿ ಆರ್ಭಟಿಸಲಾಗಿದೆ
ಜಿಲ್ಲಾ ಮಟ್ಟದ ಪುರುಷರ ಸ್ಪರ್ಧೆಗಳಲ್ಲಿ 60 ಕೆಜಿ ವಿಭಾಗದಲ್ಲಿ ಪ್ರಥಮ, 70 ಕೆಜಿ ವಿಭಾಗದಲ್ಲಿ ದ್ವಿತೀಯ ಸ್ಥಾನ ಪಡೆದರು. ರಾಜ್ಯ ಮಟ್ಟದ ಪುರುಷರು 31 ಮಲ್ಲರು, ಮಹಿಳಾ ವಿಭಾಗದಲ್ಲಿ 31 ಕೆಜಿ, 57-65 ಕೆಜಿ, 74 ಕೆಜಿ, 75-85 ಕೆಜಿ, 86 ಕೆಜಿ ಮೇಲ್ಪಟ್ಟ ವಿಭಾಗದಲ್ಲಿ ಕುಸ್ತಿ ಪಂದ್ಯಾವಳಿ ನಡೆಯಿತು.
65 ಕೆಜಿ, 66-74 ಕೆಜಿ, 75-85 ಕೆಜಿ, 86 ಕೆಜಿ ಮೇಲ್ಪಟ್ಟ ವಿಭಾಗದಲ್ಲಿ ಸ್ಪರ್ಧೆ ನಡೆಸಲಾಯಿತು. ವಿಜೇತರ ವಿವರ: ದ್ವಿತೀಯ, ತೃತೀಯ ಸ್ಥಾನಗಳನ್ನು ಪಡೆದ ಕುಸ್ತಿಪಟುಗಳಿಗೆ ಬಹುಮಾನ ವಿತರಿಸಲಾಯಿತು. ಮಹಿಳಾ ವಿಭಾಗದಲ್ಲಿ ದಾವಣಗೆರೆ, ಬಾಗಲಕೋಟೆ, ಬೆಳಗಾವಿ ಜಿಲ್ಲೆಯ ಕುಸ್ತಿಪಟುಗಳು ಪ್ರಶಸ್ತಿ ಗೆದ್ದರು. ಪುರುಷರ ವಿಭಾಗದಲ್ಲಿ ಧಾರವಾಡ, ಹುಬ್ಬಳ್ಳಿ ಪೈಲ್ವಾನರು ಮೇಲುಗೈ ಸಾಧಿಸಿದರು.
ಪ್ರಥಮ ಸ್ಥಾನ ಪಡೆದವರಿಗೆ ಬಹುಮಾನ ಮೊತ್ತ ನೀಡಲಾಯಿತು. ಹಂಪಿ ಕೇಸರಿ ಪ್ರಶಸ್ತಿ ಪಡೆದ ಪೈಲ್ವಾನರಿಗೆ ಬೆಳ್ಳಿ ಗದೆ ನೀಡಿ ಗೌರವಿಸಲಾಯಿತು. ಮಹಿಳಾ ವಿಭಾಗದ ಹಂಪಿ ಕಿಶೋರಿ ಪ್ರಶಸ್ತಿಯನ್ನು ದಾವಣಗೆರೆಯ ಕುಸ್ತಿಪಟು ಪಡೆದರು. ಜಿಲ್ಲಾಧಿಕಾರಿ ಎಂ.ಎಸ್.ದಿವಾಕರ್, ಜಿಲ್ಲಾ ಪಂಚಾಯತ್ ಸಿಇಒ ನೋಂಗ್ಜಾಯ್ ಮೊಹಮ್ಮದ್ ಅಲಿ ಅಕ್ರಮ್ ಷಾ ಸೇರಿದಂತೆ ಅಧಿಕಾರಿಗಳು ಉಪಸ್ಥಿತರಿದ್ದರು.
